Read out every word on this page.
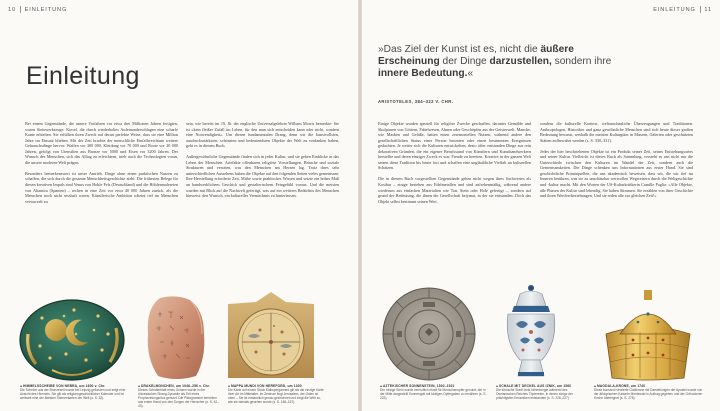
10 EINLEITUNG	EINLEITUNG 11
Einleitung
»Das Ziel der Kunst ist es, nicht die äußere Erscheinung der Dinge darzustellen, sondern ihre innere Bedeutung.«
ARISTOTELES, 384–322 V. CHR.

Bei einem Gegenstände, die unsere Vorfahren vor etwa drei Millionen Jahren fertigten, waren Steinwerkzeuge: Kiesel, die durch wiederholtes Aufeinanderschlagen eine scharfe Kante erhielten. Sie erfüllten ihren Zweck auf derart perfekte Weise, dass sie eine Million Jahre im Einsatz blieben. Mit der Zeit brachte der menschliche Einfallsreichtum weitere Gebrauchsdinge hervor: Waffen vor 300 000, Kleidung vor 70 000 und Boote vor 20 000 Jahren, gefolgt von Utensilien aus Bronze vor 5000 und Eisen vor 3200 Jahren. Der Wunsch des Menschen, sich das Alltag zu erleichtern, trieb auch die Technologien voran, die unsere moderne Welt prägen.

Besonders bemerkenswert ist unser Antrieb, Dinge ohne einen praktischen Nutzen zu schaffen, die sich durch die gesamte Menschheitsgeschichte zieht. Die frühesten Belege für diesen kreativen Impuls sind Venus von Hohle Fels (Deutschland) und die Höhlenmalereien von Altamira (Spanien) – rechen in eine Zeit vor etwa 40 000 Jahren zurück, als die Menschen noch nicht sesshaft waren. Künstlerische Ambition scheint tief im Menschen verwurzelt zu

sein, wie bereits im 19. Jh. der englische Universalgelehrte William Morris bemerkte: Sie ist »kein fleißer Zufall im Leben, für den man sich entscheiden kann oder nicht, sondern eine Notwendigkeit«. Um diesen fundamentalen Drang, denn wir die kunstvollsten, ausdrucksstärksten, schönsten und bedeutendsten Objekte der Welt zu verdanken haben, geht es in diesem Buch.

Außergewöhnliche Gegenstände finden sich in jeder Kultur, und sie geben Einblicke in das Leben der Menschen. Artefakte offenbaren religiöse Vorstellungen, Bräuche und soziale Strukturen und verraten, was den Menschen am Herzen lag. Trotz ihres sehr unterschiedlichen Aussehens haben die Objekte auf den folgenden Seiten vieles gemeinsam: Ihre Herstellung erforderte Zeit, Mühe sowie praktisches Wissen und setzte ein hohes Maß an handwerklichem Geschick und gestalterischem Feingefühl voraus. Und die meisten wurden mit Blick auf die Nachwelt gefertigt, was auf ein weiteres Bedürfnis des Menschen hinweist: den Wunsch, ein kulturelles Vermächtnis zu hinterlassen.

Einige Objekte wurden speziell für religiöse Zwecke geschaffen, darunter Gemälde und Skulpturen von Göttern, Fabelwesen, Ahnen oder Geschöpfen aus der Geisterwelt. Manche, wie Masken und Gefäße, hatten einen zeremoniellen Nutzen, während andere den gesellschaftlichen Status einer Person betonten oder einen bestimmten Ereignissen gedachten. Je weiter sich die Kulturen entwickelten, desto öfter entstanden Dinge aus rein dekorativen Gründen, die ein eigener Berufsstand von Künstlern und Kunsthandwerkern herstellte und deren einziger Zweck es war, Freude zu bereiten. Kreative in der ganzen Welt setzen diese Tradition bis heute fort und schaffen eine ungläubliche Vielfalt an kulturellen Schätzen.

Die in diesem Buch vorgestellten Gegenstände gehen nicht wegen ihres Sachwertes als Kostbar – einige bestehen aus Edelmetallen und sind aufsehenmäßig, während andere wiederum aus einfachen Materialien wie Ton, Stein oder Holz gefertigt –, sondern auf grund der Bedeutung, die ihnen die Gesellschaft beiymat, in der sie entstanden. Doch das Objekt selbst bestimmt seinen Wert.

sondern die kulturelle Kontext, weltanschauliche Überzeugungen und Traditionen. Anthropologen, Historiker und ganz gewöhnliche Menschen sind sich heute dieser großen Bedeutung bewusst, weshalb die meisten Kulturgüter in Museen, Galerien oder geschützten Stätten aufbewahrt werden (s. S. 330–331).

Jedes der hier beschriebenen Objekte ist ein Produkt seiner Zeit, seines Entstehungsortes und seiner Kultur. Vielleicht ist dieses Buch als Sammlung, versteht es uns nicht nur die Unterschiede zwischen den Kulturen im Wandel der Zeit, sondern auch die Gemeinsamkeiten. Die Dinge schenken uns Informationen aus erster Hand. Sie sind geschichtliche Primärquellen, die uns akademisch beweisen, dass wir, die wir tief im Inneren berühren, was sie zu unschätzbar wertvollen Wegweisern durch die Weltgeschichte und -kultur macht. Mit den Worten der US-Kulturkritikerin Camille Paglia: »Alle Objekte, alle Phasen der Kultur sind lebendig. Sie haben Stimmen. Sie erzählen von ihrer Geschichte und ihren Werdverbeziehungen. Und sie reden alle zur gleichen Zeit!«

HIMMELSSCHEIBE VON NEBRA, um 1600 v. Chr.
Die Scheibe aus der Bronzezeit wurde bei Leipzig gefunden und zeigt eine Ansicht des Himmels. Sie gilt als religionsgeschichtlicher Kalender und ist weltweit eine der ältesten Sternenkarten der Welt (s. S. 32).
DRAKELMONCHEN, um 1046–256 v. Chr.
Dieses Schulterblatt eines Ochsen wurde in der chinesischen Shang-Dynastie als Teil eines Prophezeiungsritus genutzt. Die Piktogramme berichten aus erster Hand von den Sorgen der Herrscher (s. S. 42–43).
MAPPA MUNDI VON HEREFORD, um 1300
Die Karte auf einem Stück Kalbspergament gilt als die einzige Karte ihrer Art im Mittelalter. Im Zentrum liegt Jerusalem, der Osten ist oben – Sie ist erstaunlich genau gezeichnet und zeigt die Welt so, wie sie damals gesehen wurde (s. S. 166–167).
AZTEKISCHER SONNENSTEIN, 1502–1521
Der riesige Stein wurde vermutlich rituell für Menschenopfer genutzt, der in der Mitte dargestellt Sonnengott mit blutigen Opfergaben zu ernähren (s. S. 222).
SCHALE MIT DECKEL AUS IZNIK, um 1560
Die türkische Stadt Iznik beherbergte während des Osmanischen Reiches Töpfereien, in denen einige der prächtigsten Keramiken entstanden (s. S. 226–227).
MAGDALA-KRONE, um 1740
Diese kunstvoll verzierte Goldkrone mit Darstellungen der Apostel wurde von der äthiopischen Kaiserin Mentewab in Auftrag gegeben und der Orthodoxen Kirche übereignet (s. S. 278).
